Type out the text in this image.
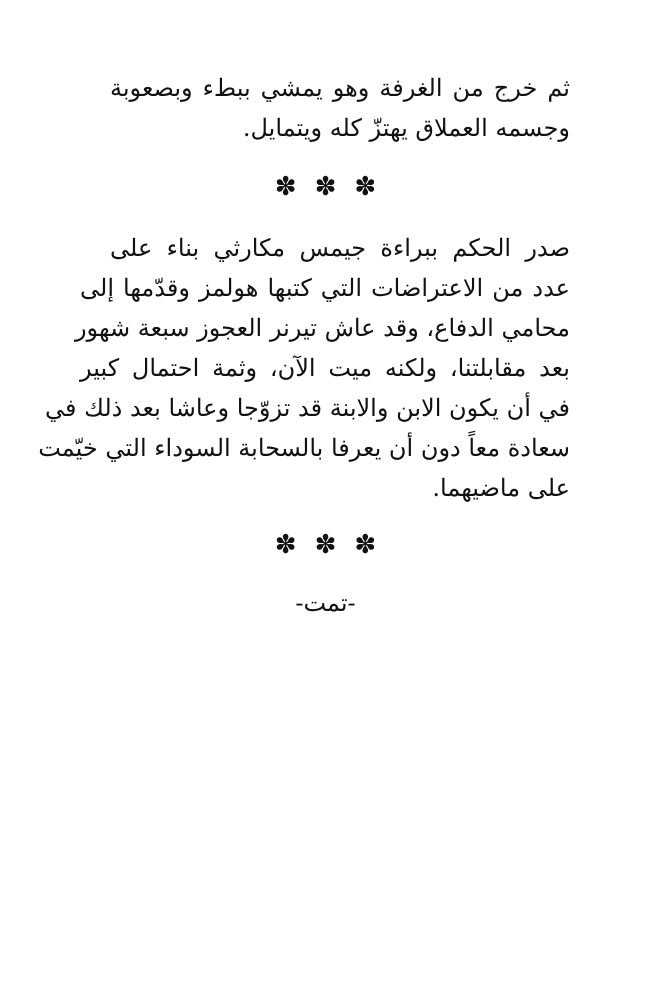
ثم خرج من الغرفة وهو يمشي ببطء وبصعوبة
وجسمه العملاق يهتزّ كله ويتمايل.
✽ ✽ ✽
صدر الحكم ببراءة جيمس مكارثي بناء على
عدد من الاعتراضات التي كتبها هولمز وقدّمها إلى
محامي الدفاع، وقد عاش تيرنر العجوز سبعة شهور
بعد مقابلتنا، ولكنه ميت الآن، وثمة احتمال كبير
في أن يكون الابن والابنة قد تزوّجا وعاشا بعد ذلك في
سعادة معاً دون أن يعرفا بالسحابة السوداء التي خيّمت
على ماضيهما.
✽ ✽ ✽
-تمت-
